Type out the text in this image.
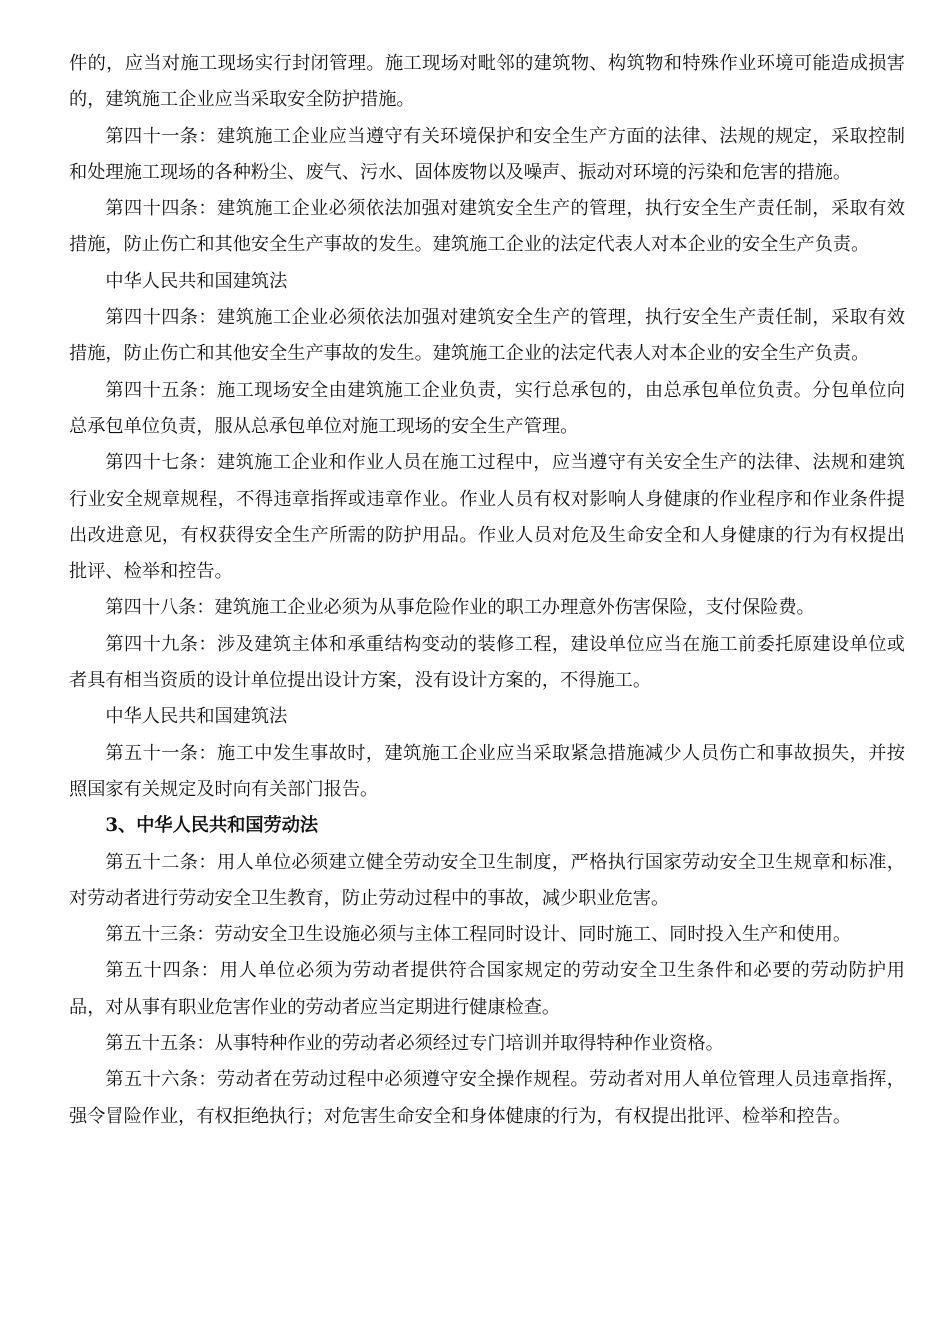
件的，应当对施工现场实行封闭管理。施工现场对毗邻的建筑物、构筑物和特殊作业环境可能造成损害的，建筑施工企业应当采取安全防护措施。

第四十一条：建筑施工企业应当遵守有关环境保护和安全生产方面的法律、法规的规定，采取控制和处理施工现场的各种粉尘、废气、污水、固体废物以及噪声、振动对环境的污染和危害的措施。

第四十四条：建筑施工企业必须依法加强对建筑安全生产的管理，执行安全生产责任制，采取有效措施，防止伤亡和其他安全生产事故的发生。建筑施工企业的法定代表人对本企业的安全生产负责。

中华人民共和国建筑法

第四十四条：建筑施工企业必须依法加强对建筑安全生产的管理，执行安全生产责任制，采取有效措施，防止伤亡和其他安全生产事故的发生。建筑施工企业的法定代表人对本企业的安全生产负责。

第四十五条：施工现场安全由建筑施工企业负责，实行总承包的，由总承包单位负责。分包单位向总承包单位负责，服从总承包单位对施工现场的安全生产管理。

第四十七条：建筑施工企业和作业人员在施工过程中，应当遵守有关安全生产的法律、法规和建筑行业安全规章规程，不得违章指挥或违章作业。作业人员有权对影响人身健康的作业程序和作业条件提出改进意见，有权获得安全生产所需的防护用品。作业人员对危及生命安全和人身健康的行为有权提出批评、检举和控告。

第四十八条：建筑施工企业必须为从事危险作业的职工办理意外伤害保险，支付保险费。

第四十九条：涉及建筑主体和承重结构变动的装修工程，建设单位应当在施工前委托原建设单位或者具有相当资质的设计单位提出设计方案，没有设计方案的，不得施工。

中华人民共和国建筑法

第五十一条：施工中发生事故时，建筑施工企业应当采取紧急措施减少人员伤亡和事故损失，并按照国家有关规定及时向有关部门报告。

3、中华人民共和国劳动法

第五十二条：用人单位必须建立健全劳动安全卫生制度，严格执行国家劳动安全卫生规章和标准，对劳动者进行劳动安全卫生教育，防止劳动过程中的事故，减少职业危害。

第五十三条：劳动安全卫生设施必须与主体工程同时设计、同时施工、同时投入生产和使用。

第五十四条：用人单位必须为劳动者提供符合国家规定的劳动安全卫生条件和必要的劳动防护用品，对从事有职业危害作业的劳动者应当定期进行健康检查。

第五十五条：从事特种作业的劳动者必须经过专门培训并取得特种作业资格。

第五十六条：劳动者在劳动过程中必须遵守安全操作规程。劳动者对用人单位管理人员违章指挥，强令冒险作业，有权拒绝执行；对危害生命安全和身体健康的行为，有权提出批评、检举和控告。
